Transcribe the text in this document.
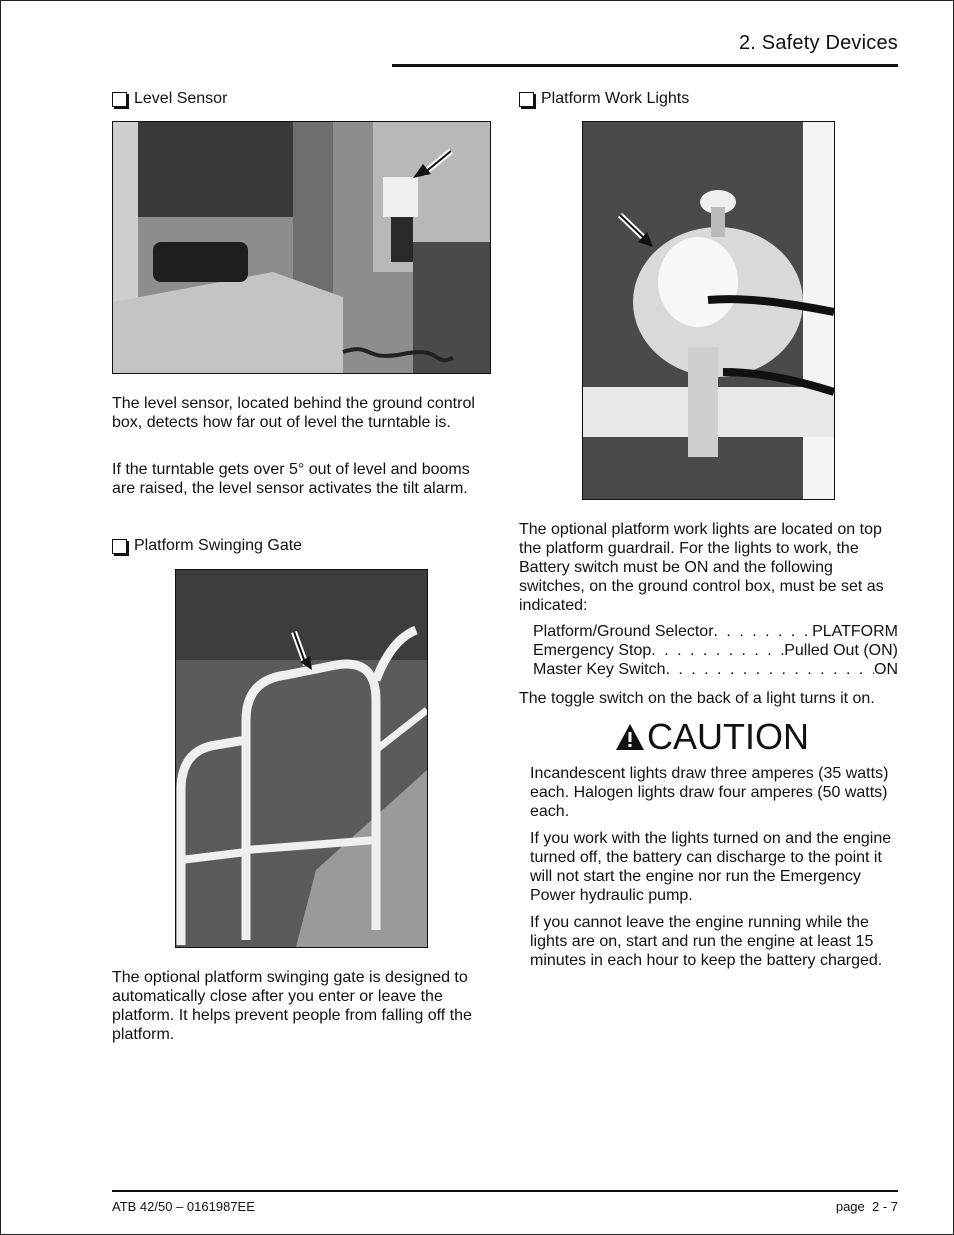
2. Safety Devices
Level Sensor

The level sensor, located behind the ground control box, detects how far out of level the turntable is.

If the turntable gets over 5° out of level and booms are raised, the level sensor activates the tilt alarm.

Platform Swinging Gate

The optional platform swinging gate is designed to automatically close after you enter or leave the platform. It helps prevent people from falling off the platform.

Platform Work Lights

The optional platform work lights are located on top the platform guardrail. For the lights to work, the Battery switch must be ON and the following switches, on the ground control box, must be set as indicated:

Platform/Ground Selector . . .	PLATFORM
Emergency Stop . . .	Pulled Out (ON)
Master Key Switch . . .	ON

The toggle switch on the back of a light turns it on.

CAUTION

Incandescent lights draw three amperes (35 watts) each. Halogen lights draw four amperes (50 watts) each.

If you work with the lights turned on and the engine turned off, the battery can discharge to the point it will not start the engine nor run the Emergency Power hydraulic pump.

If you cannot leave the engine running while the lights are on, start and run the engine at least 15 minutes in each hour to keep the battery charged.

ATB 42/50 – 0161987EE	page  2 - 7
